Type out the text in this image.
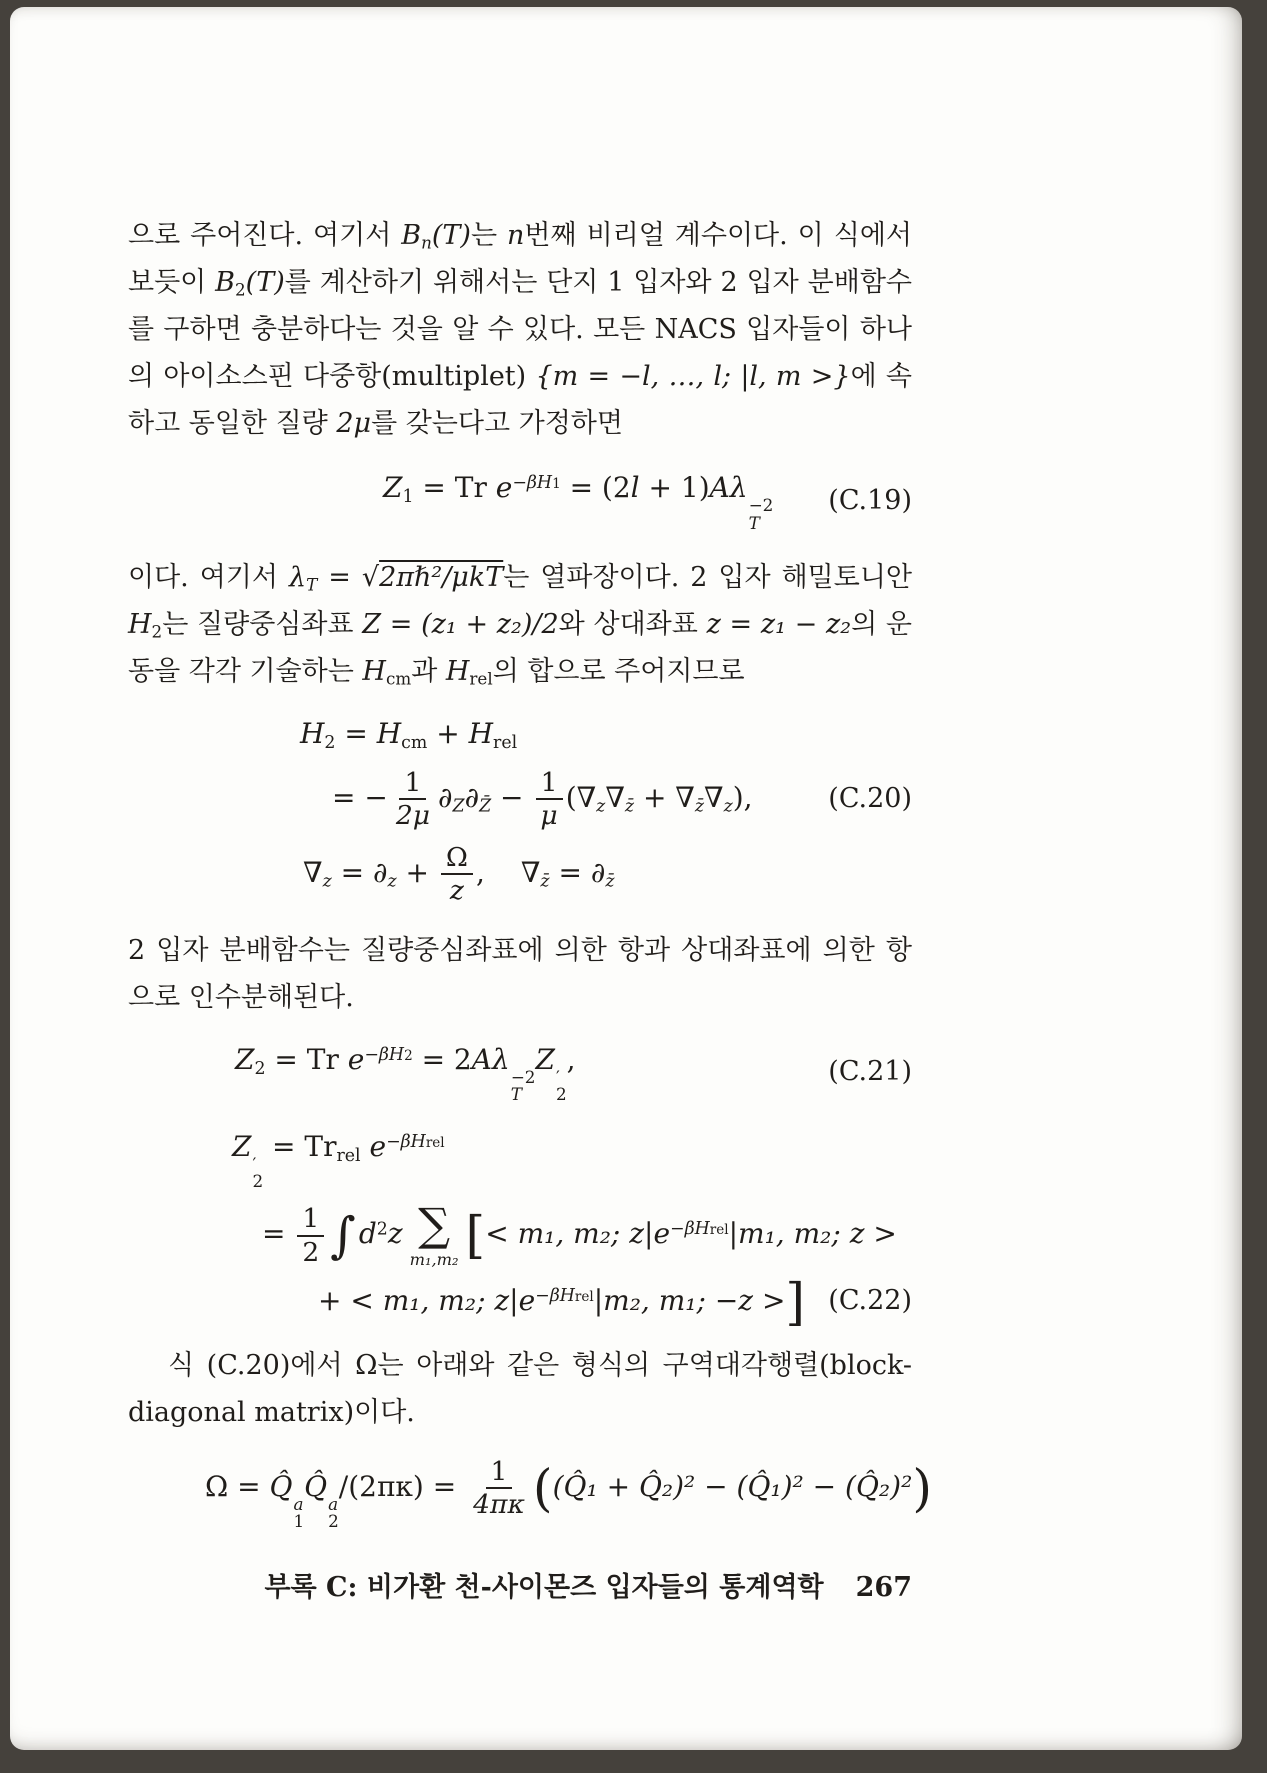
으로 주어진다. 여기서 $B_n(T)$는 n번째 비리얼 계수이다. 이 식에서 보듯이 $B_2(T)$를 계산하기 위해서는 단지 1 입자와 2 입자 분배함수를 구하면 충분하다는 것을 알 수 있다. 모든 NACS 입자들이 하나의 아이소스핀 다중항(multiplet) {m = −l, …, l; |l, m >}에 속하고 동일한 질량 2μ를 갖는다고 가정하면

$Z_1 = Tr$ $e^{-\beta H1} = (2l + 1)A\lambda$
−2
T
(C.19)

이다. 여기서 $\lambda_T$ = √2πℏ²/μkT는 열파장이다. 2 입자 해밀토니안 $H_2$는 질량중심좌표 Z = (z₁ + z₂)/2와 상대좌표 z = z₁ − z₂의 운동을 각각 기술하는 $H_{cm}$과 $H_{rel}$의 합으로 주어지므로

$H_2 = H_{cm} + H_{rel}$
= − $\frac{1}{2\mu} \partial_Z\partial_{Z̄} - \frac{1}{\mu} (\nabla_z\nabla_{z̄} + \nabla_{z̄}\nabla_z)$,	(C.20)
$\nabla_z = \partial_z + \frac{\Omega}{z}$ , $\nabla_{z̄} = \partial_{z̄}$

2 입자 분배함수는 질량중심좌표에 의한 항과 상대좌표에 의한 항으로 인수분해된다.

$Z_2 = Tr$ $e^{-\beta H2} = 2A\lambda$
−2
T
Z
′
2
,	(C.21)
Z
′
2
= $Tr_{rel}$ $e^{-\beta Hrel}$
= $\frac{1}{2}$ ∫ $d^2z$ ∑
m₁,m₂ [< m₁, m₂; $z|e^{-\beta Hrel}|m_1$, m₂; z >
+ < m₁, m₂; $z|e^{-\beta Hrel}|m_2$, m₁; −z >] (C.22)

식 (C.20)에서 Ω는 아래와 같은 형식의 구역대각행렬(block-diagonal matrix)이다.

Ω = Q̂
a
1
Q̂
a
2
$/(2\pi\kappa) = \frac{1}{4\pi\kappa}$ ((Q̂₁ + Q̂₂)² − (Q̂₁)² − (Q̂₂)²)
부록 C: 비가환 천-사이몬즈 입자들의 통계역학 267
